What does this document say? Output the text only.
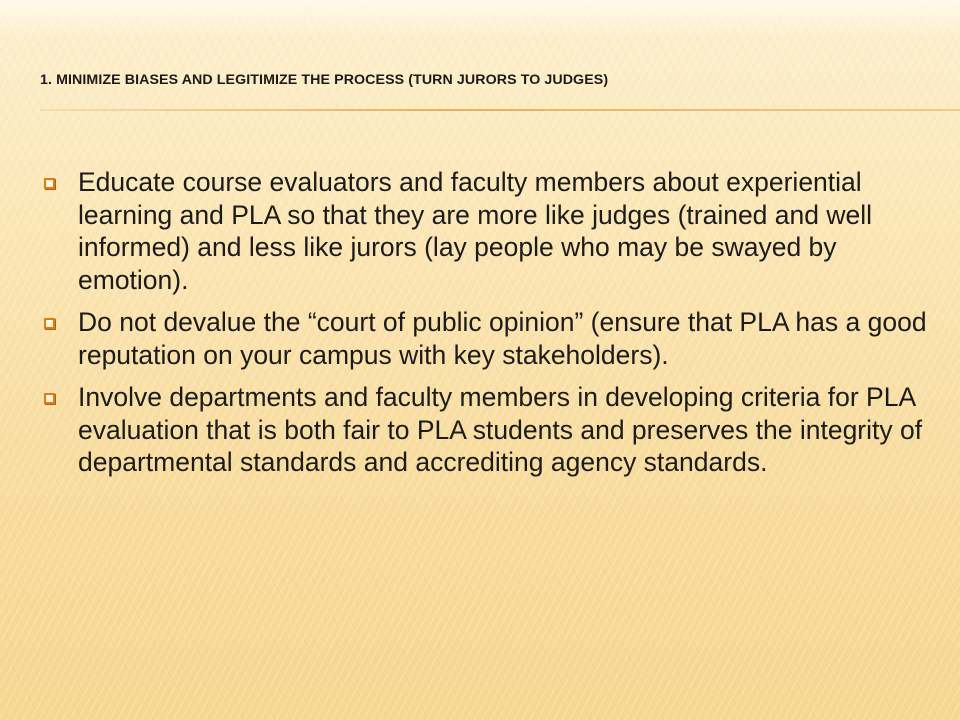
1. MINIMIZE BIASES AND LEGITIMIZE THE PROCESS (TURN JURORS TO JUDGES)
Educate course evaluators and faculty members about experiential learning and PLA so that they are more like judges (trained and well informed) and less like jurors (lay people who may be swayed by emotion).
Do not devalue the “court of public opinion” (ensure that PLA has a good reputation on your campus with key stakeholders).
Involve departments and faculty members in developing criteria for PLA evaluation that is both fair to PLA students and preserves the integrity of departmental standards and accrediting agency standards.
